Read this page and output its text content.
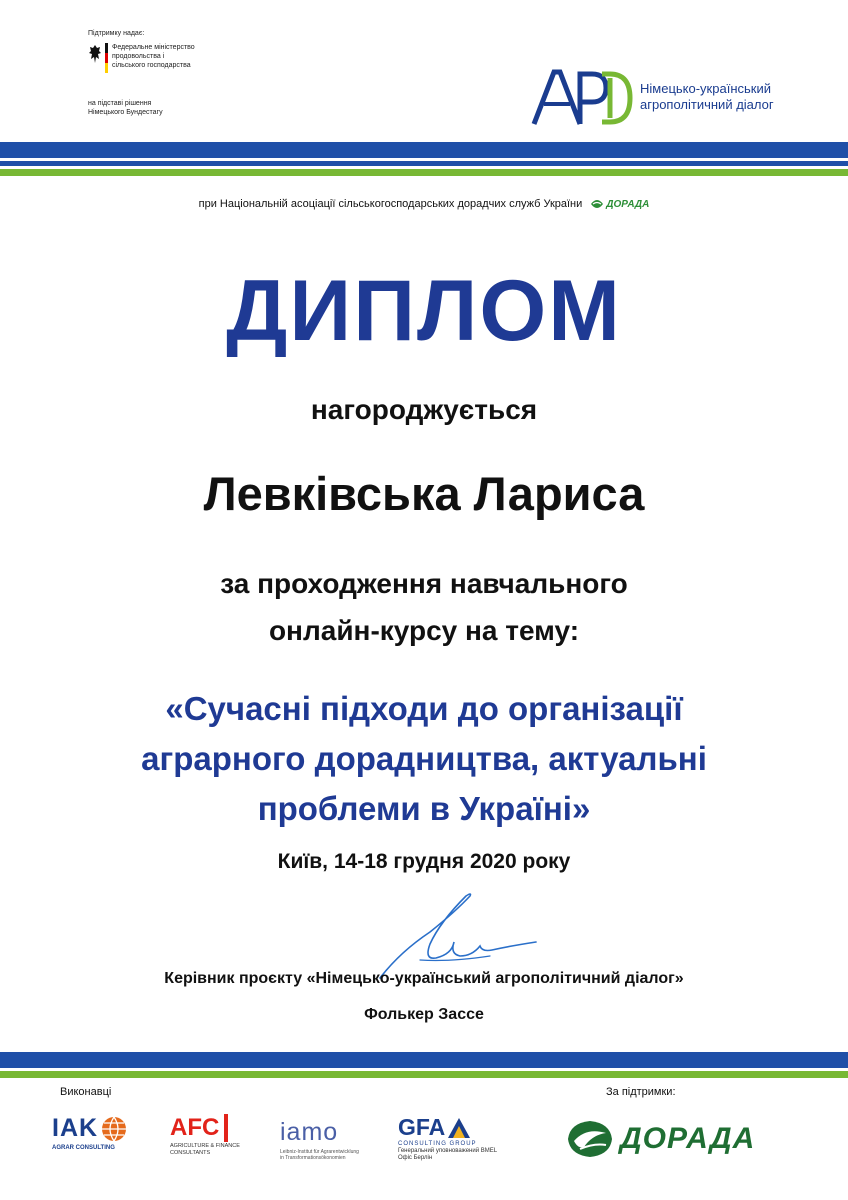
Підтримку надає:
Федеральне міністерство
продовольства і
сільського господарства
на підставі рішення
Німецького Бундестагу
Німецько-український
агрополітичний діалог
при Національній асоціації сільськогосподарських дорадчих служб України ДОРАДА
ДИПЛОМ
нагороджується
Левківська Лариса
за проходження навчального
онлайн-курсу на тему:
«Сучасні підходи до організації
аграрного дорадництва, актуальні
проблеми в Україні»
Київ, 14-18 грудня 2020 року
Керівник проєкту «Німецько-український агрополітичний діалог»
Фолькер Зассе
Виконавці	За підтримки:
IAK
AGRAR CONSULTING
AFC
AGRICULTURE & FINANCE
CONSULTANTS
iamo
Leibniz-Institut für Agrarentwicklung
in Transformationsökonomien
GFA
CONSULTING GROUP
Генеральний уповноважений BMEL
Офіс Берлін
ДОРАДА
